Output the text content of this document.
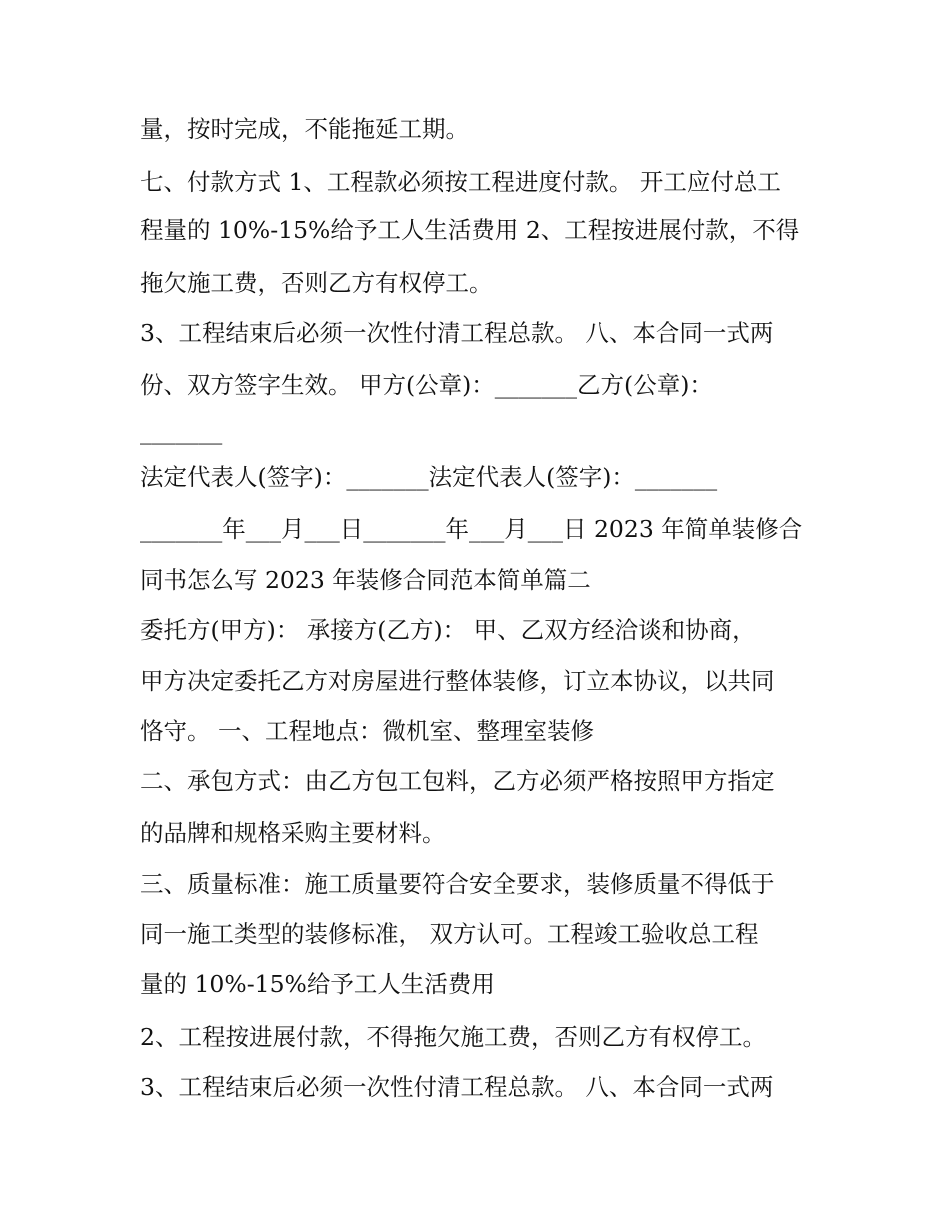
量，按时完成，不能拖延工期。
七、付款方式 1、工程款必须按工程进度付款。 开工应付总工
程量的 10%-15%给予工人生活费用 2、工程按进展付款，不得
拖欠施工费，否则乙方有权停工。
3、工程结束后必须一次性付清工程总款。 八、本合同一式两
份、双方签字生效。 甲方(公章)：_______乙方(公章)：
_______
法定代表人(签字)：_______法定代表人(签字)：_______
_______年___月___日_______年___月___日 2023 年简单装修合
同书怎么写 2023 年装修合同范本简单篇二
委托方(甲方)： 承接方(乙方)： 甲、乙双方经洽谈和协商，
甲方决定委托乙方对房屋进行整体装修，订立本协议，以共同
恪守。 一、工程地点：微机室、整理室装修
二、承包方式：由乙方包工包料，乙方必须严格按照甲方指定
的品牌和规格采购主要材料。
三、质量标准：施工质量要符合安全要求，装修质量不得低于
同一施工类型的装修标准， 双方认可。工程竣工验收总工程
量的 10%-15%给予工人生活费用
2、工程按进展付款，不得拖欠施工费，否则乙方有权停工。
3、工程结束后必须一次性付清工程总款。 八、本合同一式两
